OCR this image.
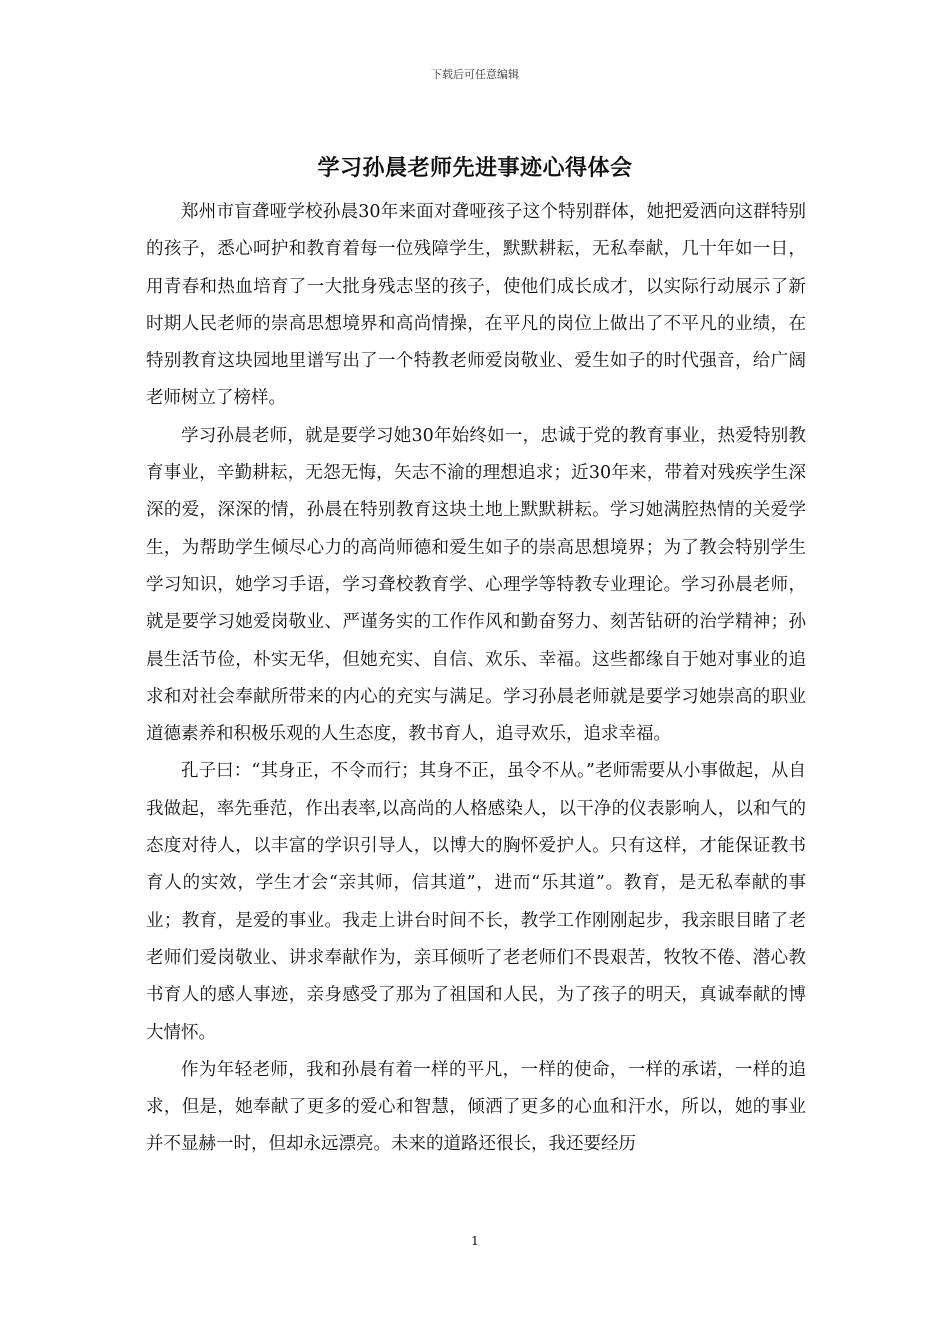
下载后可任意编辑
学习孙晨老师先进事迹心得体会

郑州市盲聋哑学校孙晨30年来面对聋哑孩子这个特别群体，她把爱洒向这群特别的孩子，悉心呵护和教育着每一位残障学生，默默耕耘，无私奉献，几十年如一日，用青春和热血培育了一大批身残志坚的孩子，使他们成长成才，以实际行动展示了新时期人民老师的崇高思想境界和高尚情操，在平凡的岗位上做出了不平凡的业绩，在特别教育这块园地里谱写出了一个特教老师爱岗敬业、爱生如子的时代强音，给广阔老师树立了榜样。

学习孙晨老师，就是要学习她30年始终如一，忠诚于党的教育事业，热爱特别教育事业，辛勤耕耘，无怨无悔，矢志不渝的理想追求；近30年来，带着对残疾学生深深的爱，深深的情，孙晨在特别教育这块土地上默默耕耘。学习她满腔热情的关爱学生，为帮助学生倾尽心力的高尚师德和爱生如子的崇高思想境界；为了教会特别学生学习知识，她学习手语，学习聋校教育学、心理学等特教专业理论。学习孙晨老师，就是要学习她爱岗敬业、严谨务实的工作作风和勤奋努力、刻苦钻研的治学精神；孙晨生活节俭，朴实无华，但她充实、自信、欢乐、幸福。这些都缘自于她对事业的追求和对社会奉献所带来的内心的充实与满足。学习孙晨老师就是要学习她崇高的职业道德素养和积极乐观的人生态度，教书育人，追寻欢乐，追求幸福。

孔子曰：“其身正，不令而行；其身不正，虽令不从。”老师需要从小事做起，从自我做起，率先垂范，作出表率,以高尚的人格感染人，以干净的仪表影响人，以和气的态度对待人，以丰富的学识引导人，以博大的胸怀爱护人。只有这样，才能保证教书育人的实效，学生才会“亲其师，信其道”，进而“乐其道”。教育，是无私奉献的事业；教育，是爱的事业。我走上讲台时间不长，教学工作刚刚起步，我亲眼目睹了老老师们爱岗敬业、讲求奉献作为，亲耳倾听了老老师们不畏艰苦，牧牧不倦、潜心教书育人的感人事迹，亲身感受了那为了祖国和人民，为了孩子的明天，真诚奉献的博大情怀。

作为年轻老师，我和孙晨有着一样的平凡，一样的使命，一样的承诺，一样的追求，但是，她奉献了更多的爱心和智慧，倾洒了更多的心血和汗水，所以，她的事业并不显赫一时，但却永远漂亮。未来的道路还很长，我还要经历

1
